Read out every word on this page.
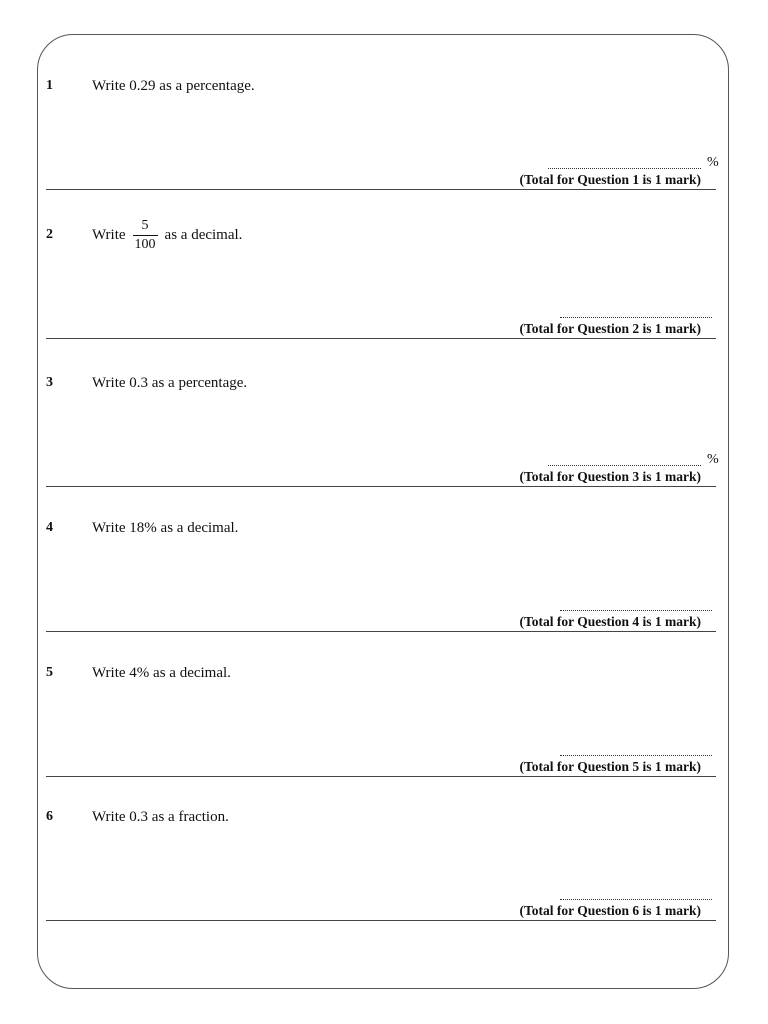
1	Write 0.29 as a percentage.
%
(Total for Question 1 is 1 mark)
2	Write $\frac{5}{100}$ as a decimal.
(Total for Question 2 is 1 mark)
3	Write 0.3 as a percentage.
%
(Total for Question 3 is 1 mark)
4	Write 18% as a decimal.
(Total for Question 4 is 1 mark)
5	Write 4% as a decimal.
(Total for Question 5 is 1 mark)
6	Write 0.3 as a fraction.
(Total for Question 6 is 1 mark)
